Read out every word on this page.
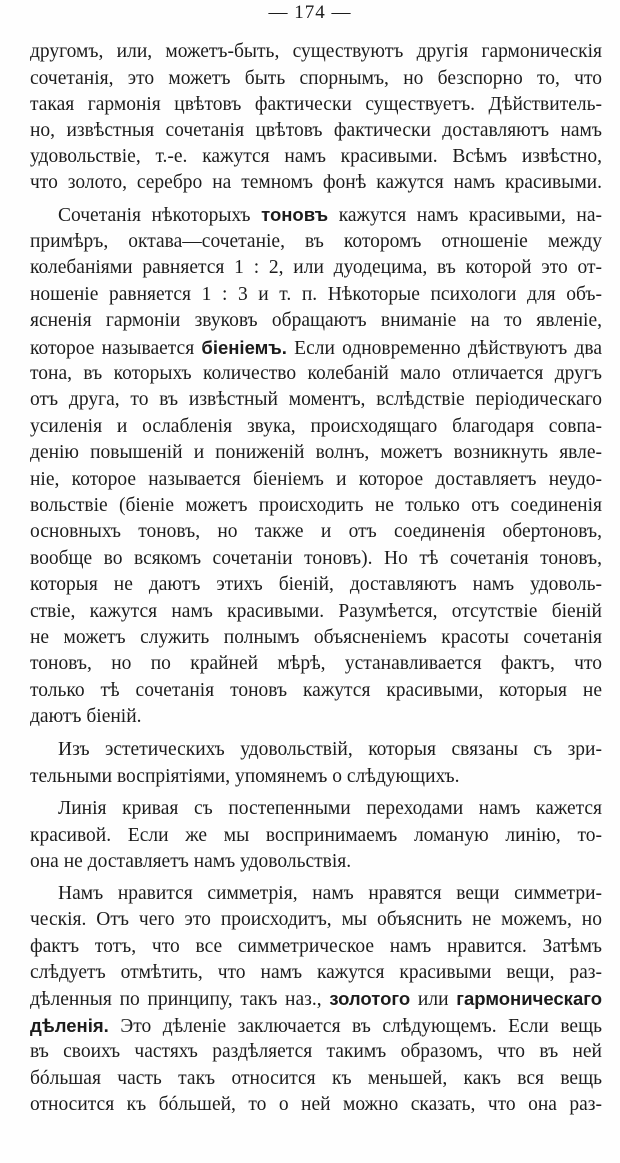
— 174 —
другомъ, или, можетъ-быть, существуютъ другія гармоническія
сочетанія, это можетъ быть спорнымъ, но безспорно то, что
такая гармонія цвѣтовъ фактически существуетъ. Дѣйствитель-
но, извѣстныя сочетанія цвѣтовъ фактически доставляютъ намъ
удовольствіе, т.-е. кажутся намъ красивыми. Всѣмъ извѣстно,
что золото, серебро на темномъ фонѣ кажутся намъ красивыми.
Сочетанія нѣкоторыхъ тоновъ кажутся намъ красивыми, на-
примѣръ, октава—сочетаніе, въ которомъ отношеніе между
колебаніями равняется 1 : 2, или дуодецима, въ которой это от-
ношеніе равняется 1 : 3 и т. п. Нѣкоторые психологи для объ-
ясненія гармоніи звуковъ обращаютъ вниманіе на то явленіе,
которое называется біеніемъ. Если одновременно дѣйствуютъ два
тона, въ которыхъ количество колебаній мало отличается другъ
отъ друга, то въ извѣстный моментъ, вслѣдствіе періодическаго
усиленія и ослабленія звука, происходящаго благодаря совпа-
денію повышеній и пониженій волнъ, можетъ возникнуть явле-
ніе, которое называется біеніемъ и которое доставляетъ неудо-
вольствіе (біеніе можетъ происходить не только отъ соединенія
основныхъ тоновъ, но также и отъ соединенія обертоновъ,
вообще во всякомъ сочетаніи тоновъ). Но тѣ сочетанія тоновъ,
которыя не даютъ этихъ біеній, доставляютъ намъ удоволь-
ствіе, кажутся намъ красивыми. Разумѣется, отсутствіе біеній
не можетъ служить полнымъ объясненіемъ красоты сочетанія
тоновъ, но по крайней мѣрѣ, устанавливается фактъ, что
только тѣ сочетанія тоновъ кажутся красивыми, которыя не
даютъ біеній.
Изъ эстетическихъ удовольствій, которыя связаны съ зри-
тельными воспріятіями, упомянемъ о слѣдующихъ.
Линія кривая съ постепенными переходами намъ кажется
красивой. Если же мы воспринимаемъ ломаную линію, то-
она не доставляетъ намъ удовольствія.
Намъ нравится симметрія, намъ нравятся вещи симметри-
ческія. Отъ чего это происходитъ, мы объяснить не можемъ, но
фактъ тотъ, что все симметрическое намъ нравится. Затѣмъ
слѣдуетъ отмѣтить, что намъ кажутся красивыми вещи, раз-
дѣленныя по принципу, такъ наз., золотого или гармоническаго
дѣленія. Это дѣленіе заключается въ слѣдующемъ. Если вещь
въ своихъ частяхъ раздѣляется такимъ образомъ, что въ ней
бóльшая часть такъ относится къ меньшей, какъ вся вещь
относится къ бóльшей, то о ней можно сказать, что она раз-
